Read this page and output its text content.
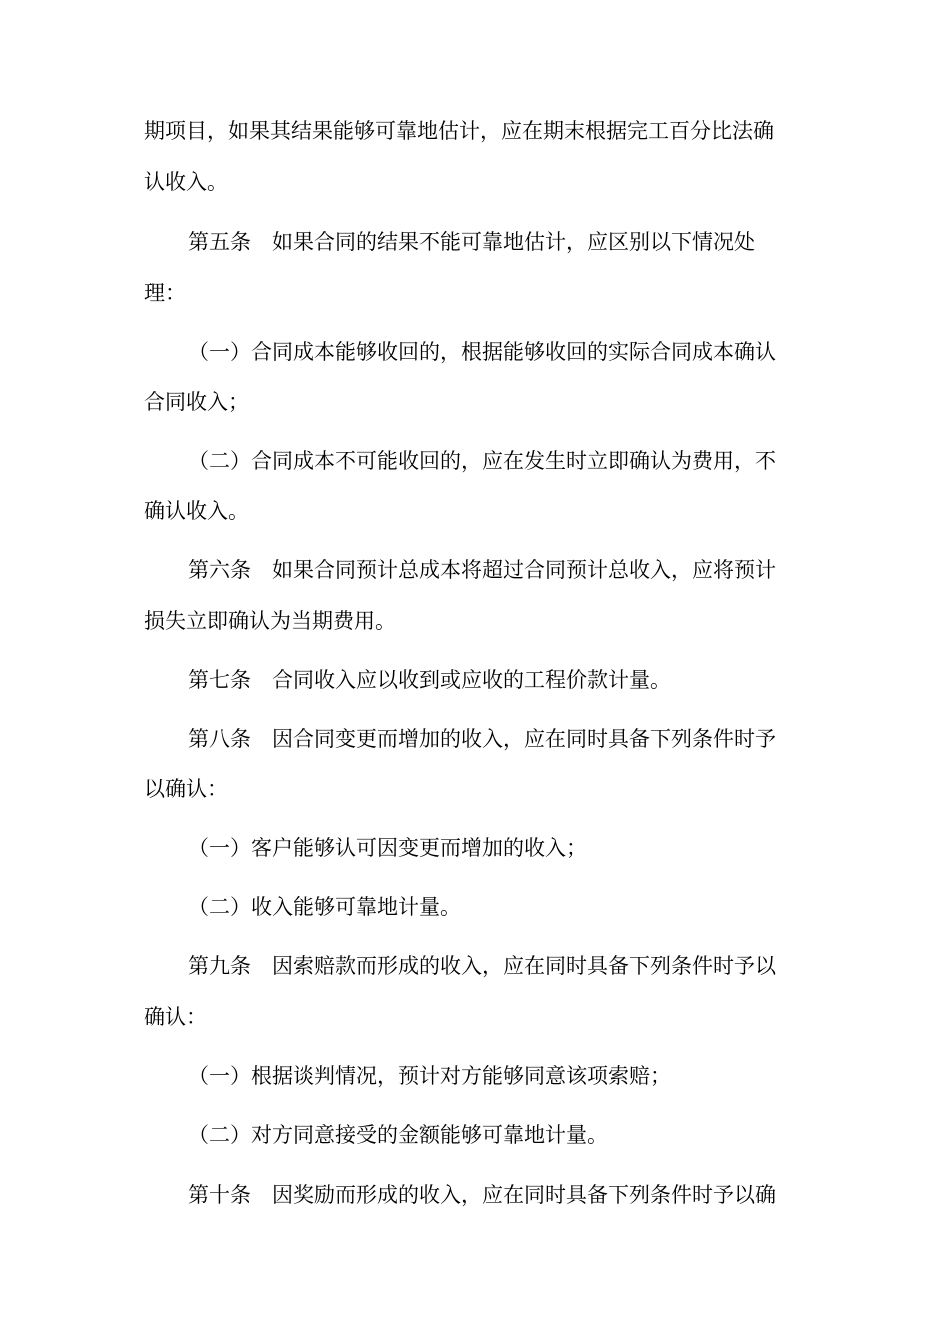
期项目，如果其结果能够可靠地估计，应在期末根据完工百分比法确
认收入。
第五条　如果合同的结果不能可靠地估计，应区别以下情况处
理：
（一）合同成本能够收回的，根据能够收回的实际合同成本确认
合同收入；
（二）合同成本不可能收回的，应在发生时立即确认为费用，不
确认收入。
第六条　如果合同预计总成本将超过合同预计总收入，应将预计
损失立即确认为当期费用。
第七条　合同收入应以收到或应收的工程价款计量。
第八条　因合同变更而增加的收入，应在同时具备下列条件时予
以确认：
（一）客户能够认可因变更而增加的收入；
（二）收入能够可靠地计量。
第九条　因索赔款而形成的收入，应在同时具备下列条件时予以
确认：
（一）根据谈判情况，预计对方能够同意该项索赔；
（二）对方同意接受的金额能够可靠地计量。
第十条　因奖励而形成的收入，应在同时具备下列条件时予以确
